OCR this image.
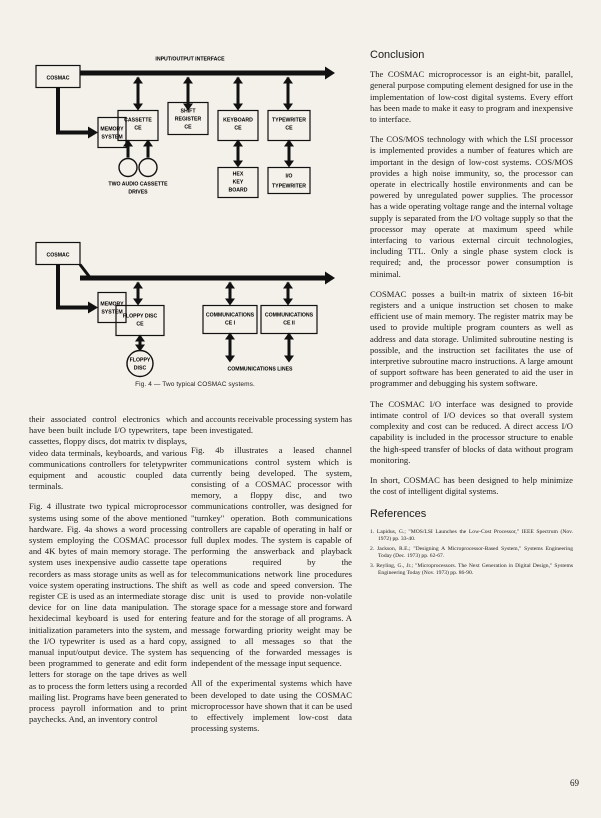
COSMAC
INPUT/OUTPUT INTERFACE
MEMORY
SYSTEM
CASSETTE
CE
SHIFT
REGISTER
CE
KEYBOARD
CE
TYPEWRITER
CE
TWO AUDIO CASSETTE
DRIVES
HEX
KEY
BOARD
I/O
TYPEWRITER
COSMAC
MEMORY
SYSTEM
FLOPPY DISC
CE
COMMUNICATIONS
CE I
COMMUNICATIONS
CE II
FLOPPY
DISC	COMMUNICATIONS LINES
Fig. 4 — Two typical COSMAC systems.

their associated control electronics which have been built include I/O typewriters, tape cassettes, floppy discs, dot matrix tv displays, video data terminals, keyboards, and various communications controllers for teletypwriter equipment and acoustic coupled data terminals.

Fig. 4 illustrate two typical microprocessor systems using some of the above mentioned hardware. Fig. 4a shows a word processing system employing the COSMAC processor and 4K bytes of main memory storage. The system uses inexpensive audio cassette tape recorders as mass storage units as well as for voice system operating instructions. The shift register CE is used as an intermediate storage device for on line data manipulation. The hexidecimal keyboard is used for entering initialization parameters into the system, and the I/O typewriter is used as a hard copy, manual input/output device. The system has been programmed to generate and edit form letters for storage on the tape drives as well as to process the form letters using a recorded mailing list. Programs have been generated to process payroll information and to print paychecks. And, an inventory control

and accounts receivable processing system has been investigated.

Fig. 4b illustrates a leased channel communications control system which is currently being developed. The system, consisting of a COSMAC processor with memory, a floppy disc, and two communications controller, was designed for "turnkey" operation. Both communications controllers are capable of operating in half or full duplex modes. The system is capable of performing the answerback and playback operations required by the telecommunications network line procedures as well as code and speed conversion. The disc unit is used to provide non-volatile storage space for a message store and forward feature and for the storage of all programs. A message forwarding priority weight may be assigned to all messages so that the sequencing of the forwarded messages is independent of the message input sequence.

All of the experimental systems which have been developed to date using the COSMAC microprocessor have shown that it can be used to effectively implement low-cost data processing systems.

Conclusion

The COSMAC microprocessor is an eight-bit, parallel, general purpose computing element designed for use in the implementation of low-cost digital systems. Every effort has been made to make it easy to program and inexpensive to interface.

The COS/MOS technology with which the LSI processor is implemented provides a number of features which are important in the design of low-cost systems. COS/MOS provides a high noise immunity, so, the processor can operate in electrically hostile environments and can be powered by unregulated power supplies. The processor has a wide operating voltage range and the internal voltage supply is separated from the I/O voltage supply so that the processor may operate at maximum speed while interfacing to various external circuit technologies, including TTL. Only a single phase system clock is required; and, the processor power consumption is minimal.

COSMAC posses a built-in matrix of sixteen 16-bit registers and a unique instruction set chosen to make efficient use of main memory. The register matrix may be used to provide multiple program counters as well as address and data storage. Unlimited subroutine nesting is possible, and the instruction set facilitates the use of interpretive subroutine macro instructions. A large amount of support software has been generated to aid the user in programmer and debugging his system software.

The COSMAC I/O interface was designed to provide intimate control of I/O devices so that overall system complexity and cost can be reduced. A direct access I/O capability is included in the processor structure to enable the high-speed transfer of blocks of data without program monitoring.

In short, COSMAC has been designed to help minimize the cost of intelligent digital systems.

References
1. Lapidus, G.; "MOS/LSI Launches the Low-Cost Processor," IEEE Spectrum (Nov. 1972) pp. 33-40.
2. Jackson, R.E.; "Designing A Microprocessor-Based System," Systems Engineering Today (Dec. 1973) pp. 62-67.
3. Reyling, G., Jr.; "Microprocessors. The Next Generation in Digital Design," Systems Engineering Today (Nov. 1973) pp. 86-90.
69
